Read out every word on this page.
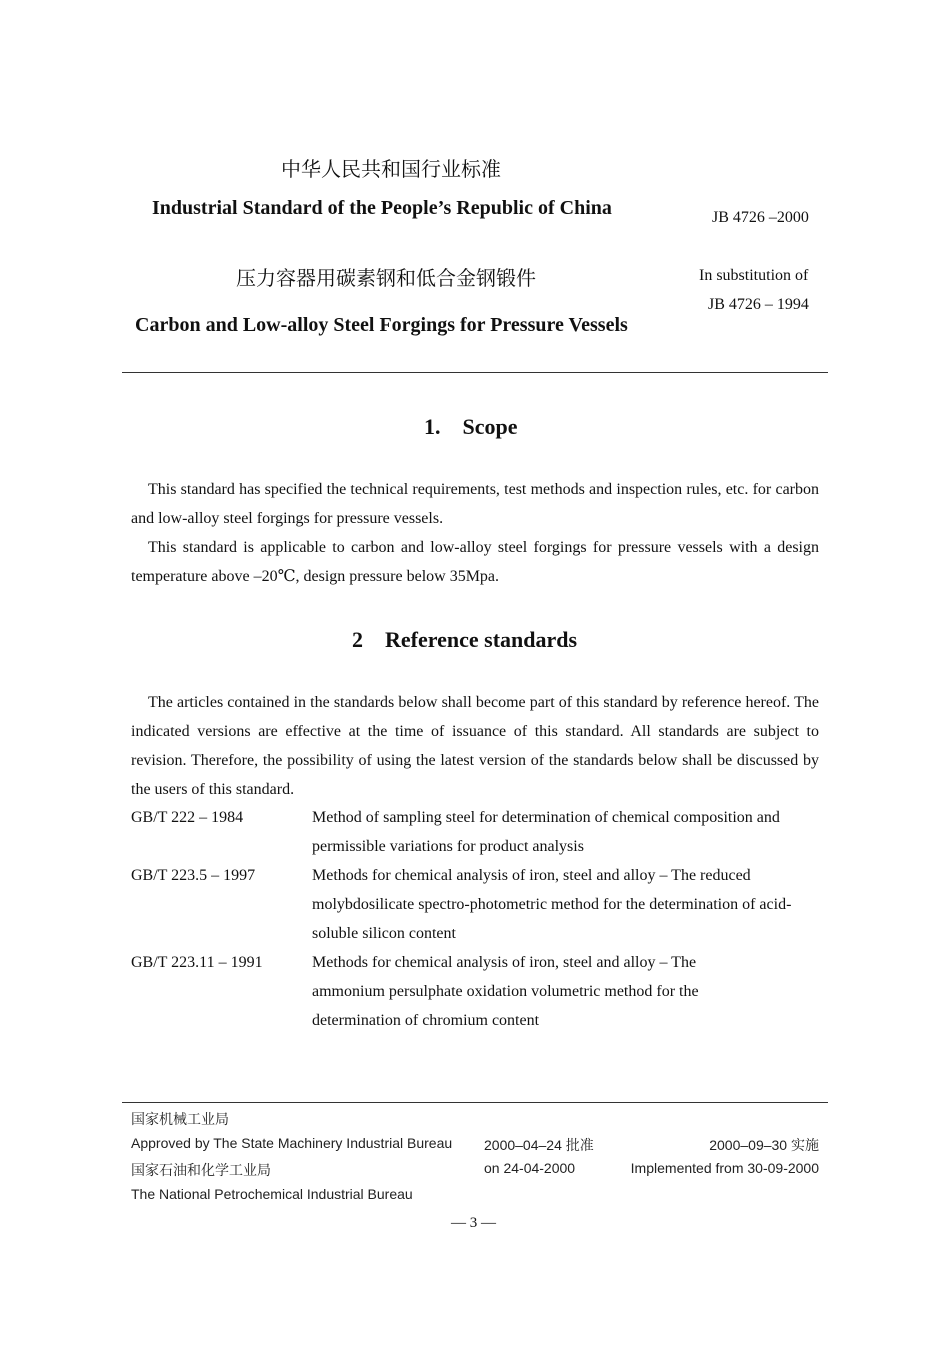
中华人民共和国行业标准
Industrial Standard of the People’s Republic of China	JB 4726 –2000
压力容器用碳素钢和低合金钢锻件	In substitution of
JB 4726 – 1994
Carbon and Low-alloy Steel Forgings for Pressure Vessels
1. Scope

This standard has specified the technical requirements, test methods and inspection rules, etc. for carbon and low-alloy steel forgings for pressure vessels.

This standard is applicable to carbon and low-alloy steel forgings for pressure vessels with a design temperature above –20℃, design pressure below 35Mpa.

2 Reference standards

The articles contained in the standards below shall become part of this standard by reference hereof. The indicated versions are effective at the time of issuance of this standard. All standards are subject to revision. Therefore, the possibility of using the latest version of the standards below shall be discussed by the users of this standard.

GB/T 222 – 1984	Method of sampling steel for determination of chemical composition and permissible variations for product analysis
GB/T 223.5 – 1997	Methods for chemical analysis of iron, steel and alloy – The reduced molybdosilicate spectro-photometric method for the determination of acid-soluble silicon content
GB/T 223.11 – 1991	Methods for chemical analysis of iron, steel and alloy – The ammonium persulphate oxidation volumetric method for the determination of chromium content
国家机械工业局
Approved by The State Machinery Industrial Bureau 2000–04–24 批准	2000–09–30 实施
国家石油和化学工业局	on 24-04-2000	Implemented from 30-09-2000
The National Petrochemical Industrial Bureau
— 3 —
